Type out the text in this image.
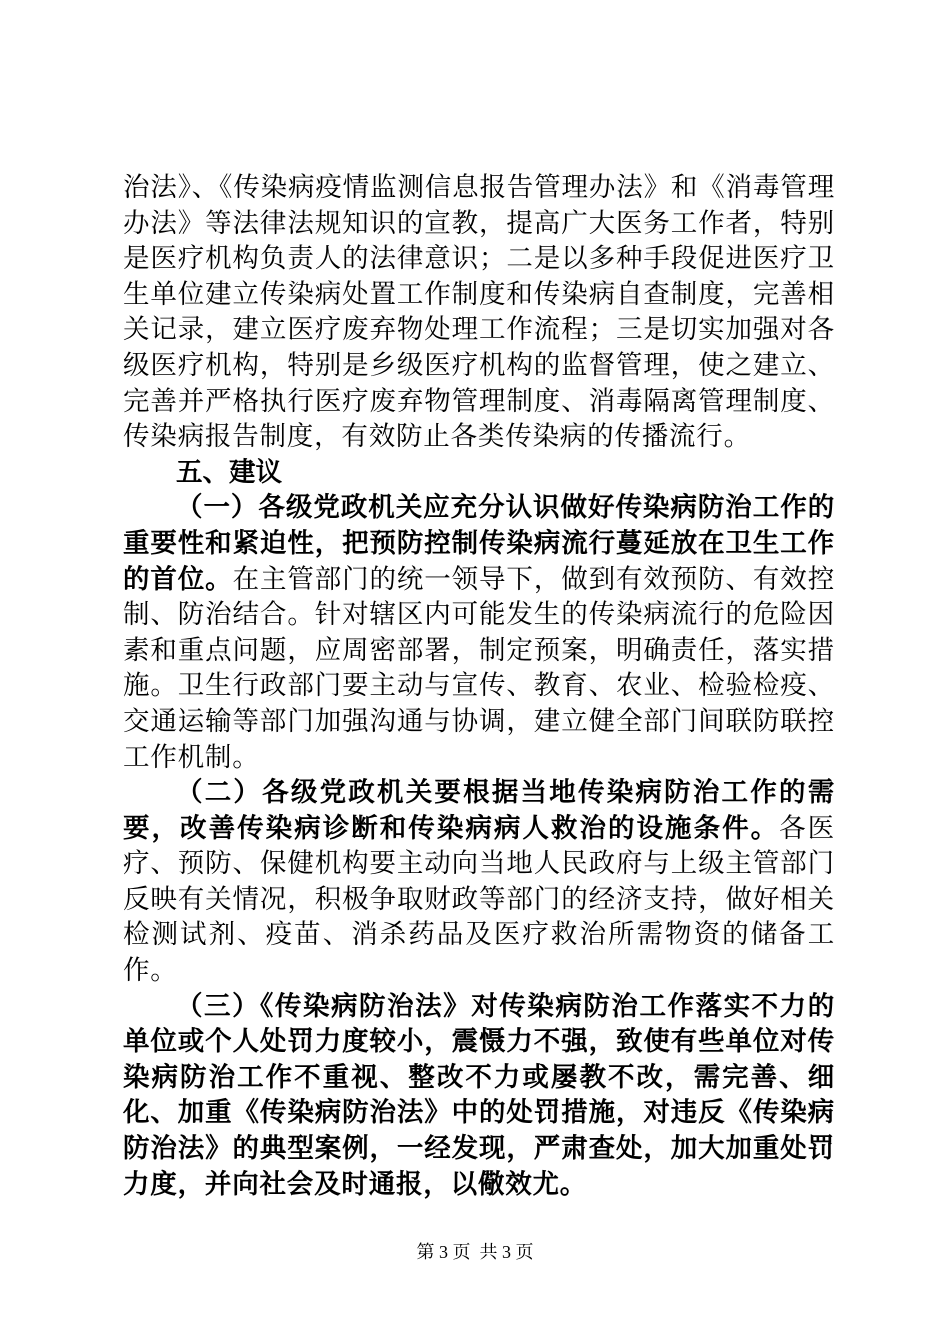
治法》、《传染病疫情监测信息报告管理办法》和《消毒管理办法》等法律法规知识的宣教，提高广大医务工作者，特别是医疗机构负责人的法律意识；二是以多种手段促进医疗卫生单位建立传染病处置工作制度和传染病自查制度，完善相关记录，建立医疗废弃物处理工作流程；三是切实加强对各级医疗机构，特别是乡级医疗机构的监督管理，使之建立、完善并严格执行医疗废弃物管理制度、消毒隔离管理制度、传染病报告制度，有效防止各类传染病的传播流行。

五、建议

（一）各级党政机关应充分认识做好传染病防治工作的重要性和紧迫性，把预防控制传染病流行蔓延放在卫生工作的首位。在主管部门的统一领导下，做到有效预防、有效控制、防治结合。针对辖区内可能发生的传染病流行的危险因素和重点问题，应周密部署，制定预案，明确责任，落实措施。卫生行政部门要主动与宣传、教育、农业、检验检疫、交通运输等部门加强沟通与协调，建立健全部门间联防联控工作机制。

（二）各级党政机关要根据当地传染病防治工作的需要，改善传染病诊断和传染病病人救治的设施条件。各医疗、预防、保健机构要主动向当地人民政府与上级主管部门反映有关情况，积极争取财政等部门的经济支持，做好相关检测试剂、疫苗、消杀药品及医疗救治所需物资的储备工作。

（三）《传染病防治法》对传染病防治工作落实不力的单位或个人处罚力度较小，震慑力不强，致使有些单位对传染病防治工作不重视、整改不力或屡教不改，需完善、细化、加重《传染病防治法》中的处罚措施，对违反《传染病防治法》的典型案例，一经发现，严肃查处，加大加重处罚力度，并向社会及时通报，以儆效尤。

第 3 页  共 3 页
